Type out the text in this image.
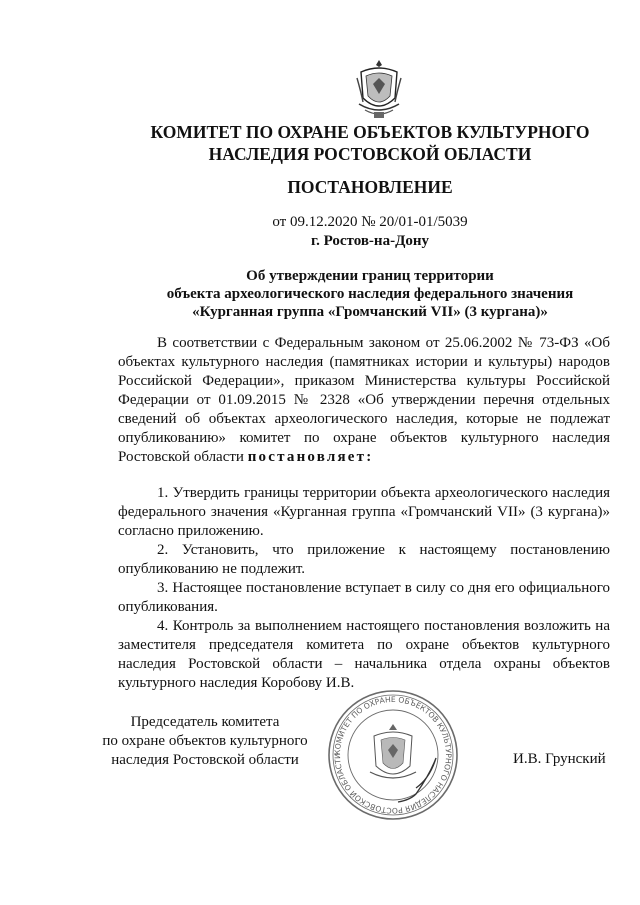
КОМИТЕТ ПО ОХРАНЕ ОБЪЕКТОВ КУЛЬТУРНОГО
НАСЛЕДИЯ РОСТОВСКОЙ ОБЛАСТИ
ПОСТАНОВЛЕНИЕ
от 09.12.2020 № 20/01-01/5039
г. Ростов-на-Дону
Об утверждении границ территории
объекта археологического наследия федерального значения
«Курганная группа «Громчанский VII» (3 кургана)»

В соответствии с Федеральным законом от 25.06.2002 № 73-ФЗ «Об объектах культурного наследия (памятниках истории и культуры) народов Российской Федерации», приказом Министерства культуры Российской Федерации от 01.09.2015 № 2328 «Об утверждении перечня отдельных сведений об объектах археологического наследия, которые не подлежат опубликованию» комитет по охране объектов культурного наследия Ростовской области постановляет:

1. Утвердить границы территории объекта археологического наследия федерального значения «Курганная группа «Громчанский VII» (3 кургана)» согласно приложению.

2. Установить, что приложение к настоящему постановлению опубликованию не подлежит.

3. Настоящее постановление вступает в силу со дня его официального опубликования.

4. Контроль за выполнением настоящего постановления возложить на заместителя председателя комитета по охране объектов культурного наследия Ростовской области – начальника отдела охраны объектов культурного наследия Коробову И.В.

Председатель комитета
по охране объектов культурного
наследия Ростовской области	КОМИТЕТ ПО ОХРАНЕ ОБЪЕКТОВ КУЛЬТУРНОГО НАСЛЕДИЯ РОСТОВСКОЙ ОБЛАСТИ	И.В. Грунский
